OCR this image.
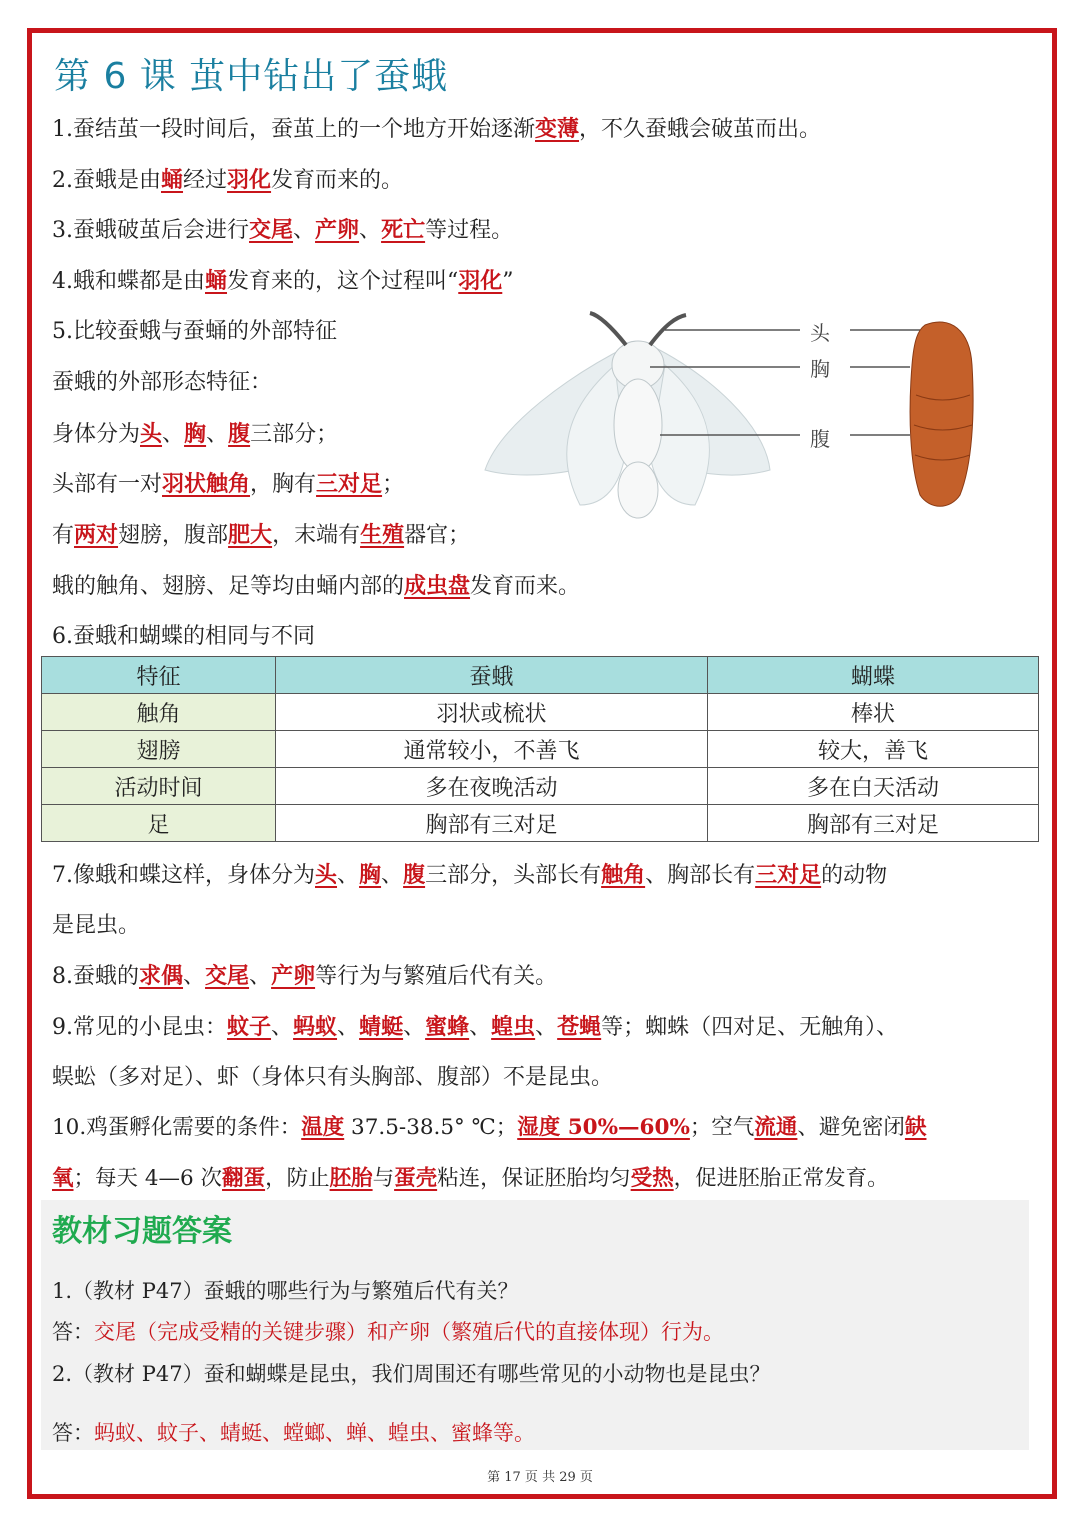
第 6 课 茧中钻出了蚕蛾
1.蚕结茧一段时间后，蚕茧上的一个地方开始逐渐变薄，不久蚕蛾会破茧而出。
2.蚕蛾是由蛹经过羽化发育而来的。
3.蚕蛾破茧后会进行交尾、产卵、死亡等过程。
4.蛾和蝶都是由蛹发育来的，这个过程叫“羽化”
5.比较蚕蛾与蚕蛹的外部特征
蚕蛾的外部形态特征：
身体分为头、胸、腹三部分；
头部有一对羽状触角，胸有三对足；
有两对翅膀，腹部肥大，末端有生殖器官；
蛾的触角、翅膀、足等均由蛹内部的成虫盘发育而来。
头
胸
腹
6.蚕蛾和蝴蝶的相同与不同
特征	蚕蛾	蝴蝶
触角	羽状或梳状	棒状
翅膀	通常较小，不善飞	较大，善飞
活动时间	多在夜晚活动	多在白天活动
足	胸部有三对足	胸部有三对足
7.像蛾和蝶这样，身体分为头、胸、腹三部分，头部长有触角、胸部长有三对足的动物
是昆虫。
8.蚕蛾的求偶、交尾、产卵等行为与繁殖后代有关。
9.常见的小昆虫：蚊子、蚂蚁、蜻蜓、蜜蜂、蝗虫、苍蝇等；蜘蛛（四对足、无触角）、
蜈蚣（多对足）、虾（身体只有头胸部、腹部）不是昆虫。
10.鸡蛋孵化需要的条件：温度 37.5-38.5° ℃；湿度 50%—60%；空气流通、避免密闭缺
氧；每天 4—6 次翻蛋，防止胚胎与蛋壳粘连，保证胚胎均匀受热，促进胚胎正常发育。
教材习题答案
1.（教材 P47）蚕蛾的哪些行为与繁殖后代有关？
答：交尾（完成受精的关键步骤）和产卵（繁殖后代的直接体现）行为。
2.（教材 P47）蚕和蝴蝶是昆虫，我们周围还有哪些常见的小动物也是昆虫？
答：蚂蚁、蚊子、蜻蜓、螳螂、蝉、蝗虫、蜜蜂等。
第 17 页 共 29 页
